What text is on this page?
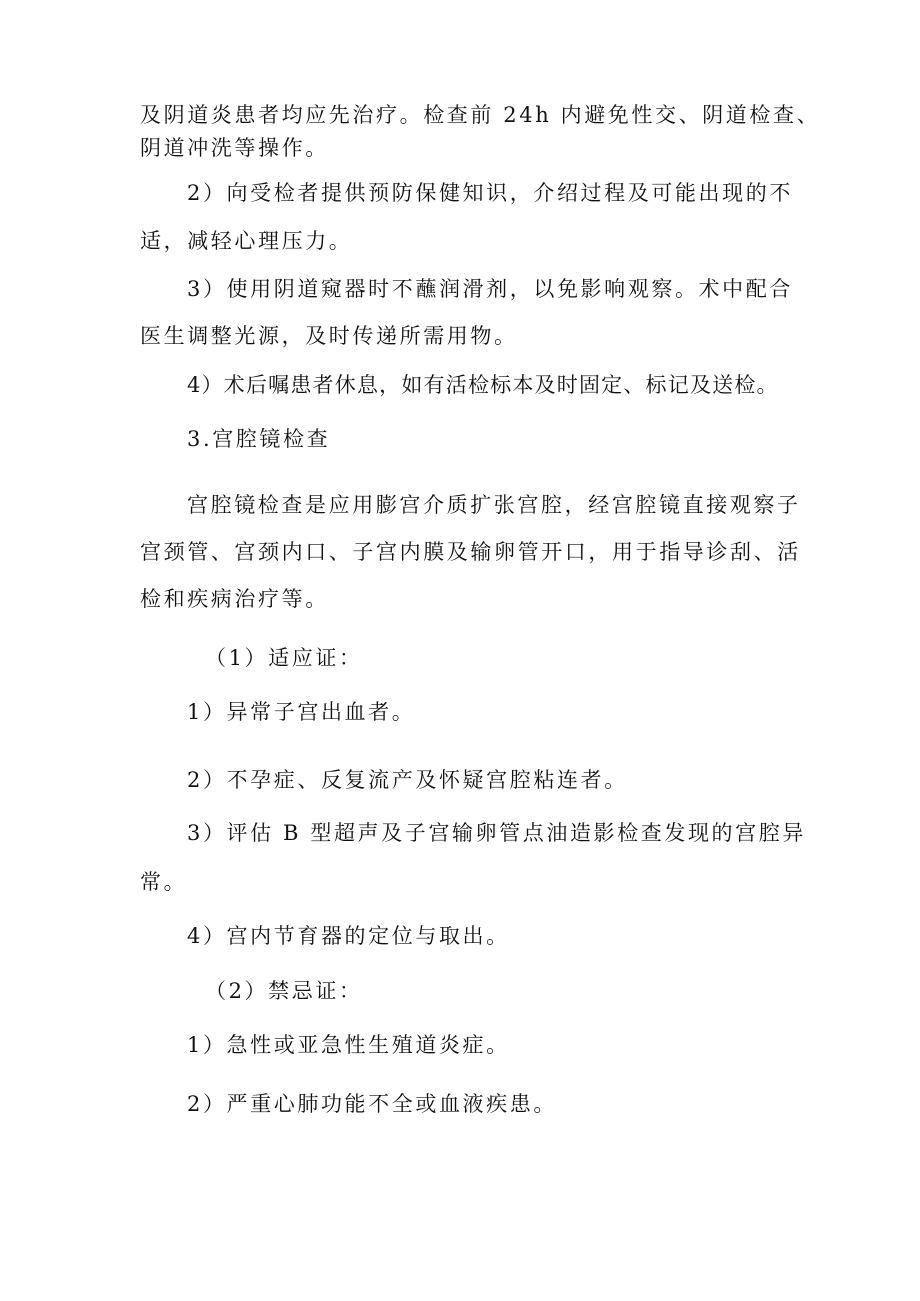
及阴道炎患者均应先治疗。检查前 24h 内避免性交、阴道检查、
阴道冲洗等操作。
2）向受检者提供预防保健知识，介绍过程及可能出现的不
适，减轻心理压力。
3）使用阴道窥器时不蘸润滑剂，以免影响观察。术中配合
医生调整光源，及时传递所需用物。
4）术后嘱患者休息，如有活检标本及时固定、标记及送检。
3.宫腔镜检查
宫腔镜检查是应用膨宫介质扩张宫腔，经宫腔镜直接观察子
宫颈管、宫颈内口、子宫内膜及输卵管开口，用于指导诊刮、活
检和疾病治疗等。
（1）适应证：
1）异常子宫出血者。
2）不孕症、反复流产及怀疑宫腔粘连者。
3）评估 B 型超声及子宫输卵管点油造影检查发现的宫腔异
常。
4）宫内节育器的定位与取出。
（2）禁忌证：
1）急性或亚急性生殖道炎症。
2）严重心肺功能不全或血液疾患。
